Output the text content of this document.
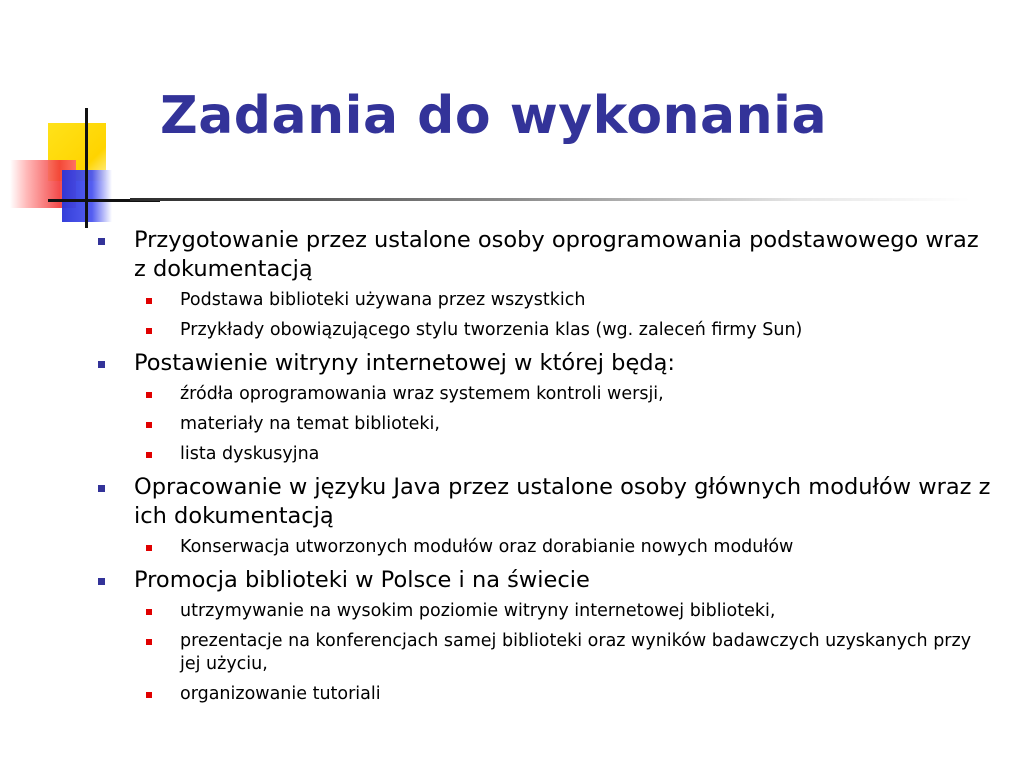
Zadania do wykonania
Przygotowanie przez ustalone osoby oprogramowania podstawowego wraz z dokumentacją
Podstawa biblioteki używana przez wszystkich
Przykłady obowiązującego stylu tworzenia klas (wg. zaleceń firmy Sun)
Postawienie witryny internetowej w której będą:
źródła oprogramowania wraz systemem kontroli wersji,
materiały na temat biblioteki,
lista dyskusyjna
Opracowanie w języku Java przez ustalone osoby głównych modułów wraz z ich dokumentacją
Konserwacja utworzonych modułów oraz dorabianie nowych modułów
Promocja biblioteki w Polsce i na świecie
utrzymywanie na wysokim poziomie witryny internetowej biblioteki,
prezentacje na konferencjach samej biblioteki oraz wyników badawczych uzyskanych przy jej użyciu,
organizowanie tutoriali
